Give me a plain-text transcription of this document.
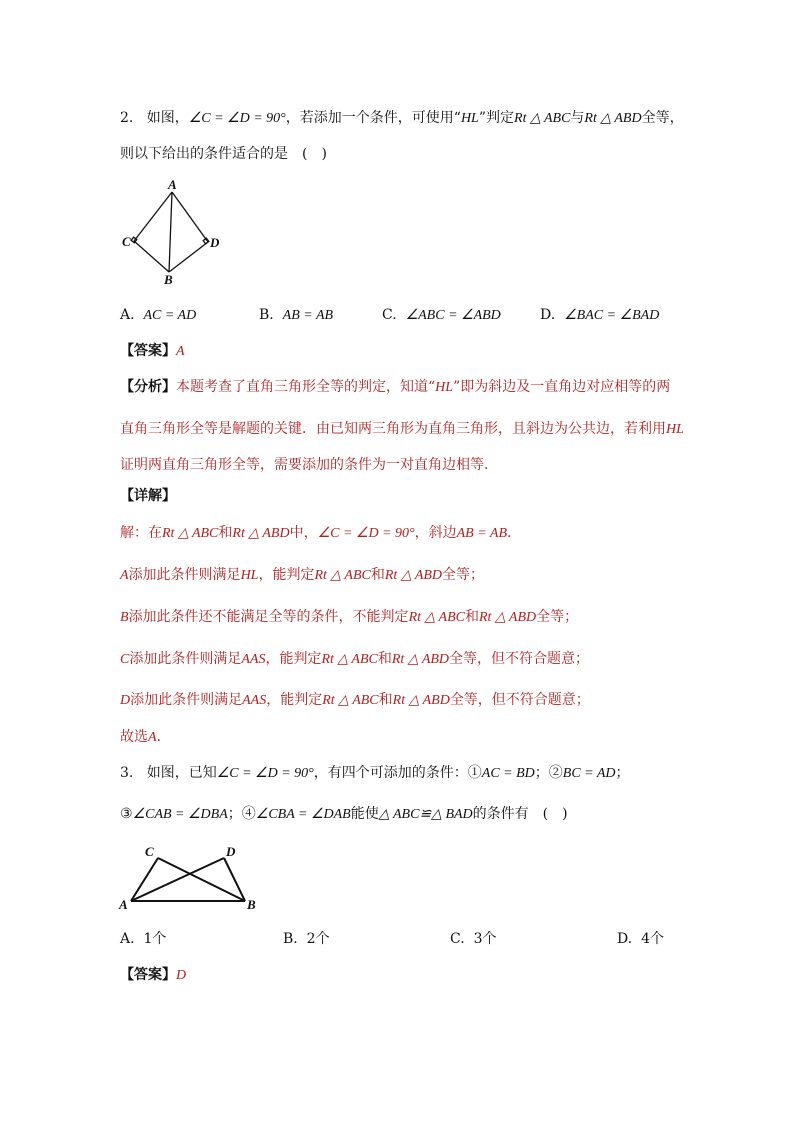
2. 如图，∠C = ∠D = 90°，若添加一个条件，可使用“HL”判定Rt △ ABC与Rt △ ABD全等，
则以下给出的条件适合的是　(　)
A
C	D
B
A. AC = AD	B. AB = AB	C. ∠ABC = ∠ABD	D. ∠BAC = ∠BAD
【答案】A
【分析】本题考查了直角三角形全等的判定，知道“HL”即为斜边及一直角边对应相等的两
直角三角形全等是解题的关键．由已知两三角形为直角三角形，且斜边为公共边，若利用HL
证明两直角三角形全等，需要添加的条件为一对直角边相等．
【详解】
解：在Rt △ ABC和Rt △ ABD中，∠C = ∠D = 90°，斜边AB = AB．
A添加此条件则满足HL，能判定Rt △ ABC和Rt △ ABD全等；
B添加此条件还不能满足全等的条件，不能判定Rt △ ABC和Rt △ ABD全等；
C添加此条件则满足AAS，能判定Rt △ ABC和Rt △ ABD全等，但不符合题意；
D添加此条件则满足AAS，能判定Rt △ ABC和Rt △ ABD全等，但不符合题意；
故选A．
3. 如图，已知∠C = ∠D = 90°，有四个可添加的条件：①AC = BD；②BC = AD；
③∠CAB = ∠DBA；④∠CBA = ∠DAB能使△ ABC≌△ BAD的条件有　(　)
C	D
A	B
A. 1个	B. 2个	C. 3个	D. 4个
【答案】D
